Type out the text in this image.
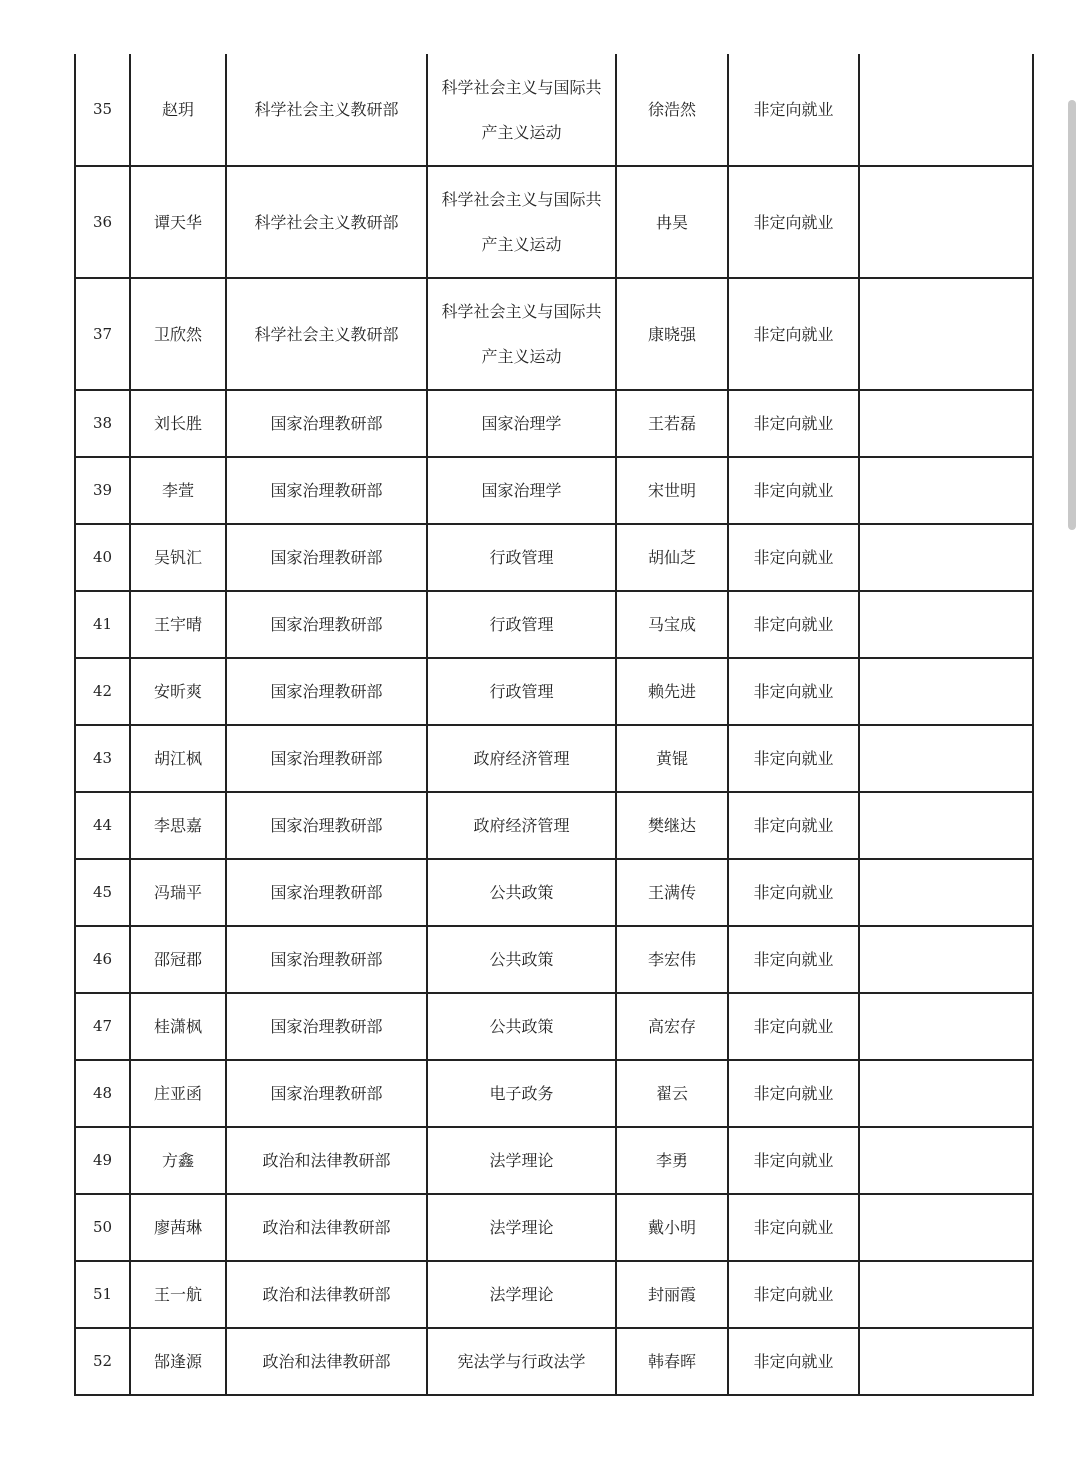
35	赵玥	科学社会主义教研部	科学社会主义与国际共产主义运动	徐浩然	非定向就业	
36	谭天华	科学社会主义教研部	科学社会主义与国际共产主义运动	冉昊	非定向就业	
37	卫欣然	科学社会主义教研部	科学社会主义与国际共产主义运动	康晓强	非定向就业	
38	刘长胜	国家治理教研部	国家治理学	王若磊	非定向就业	
39	李萱	国家治理教研部	国家治理学	宋世明	非定向就业	
40	吴钒汇	国家治理教研部	行政管理	胡仙芝	非定向就业	
41	王宇晴	国家治理教研部	行政管理	马宝成	非定向就业	
42	安昕爽	国家治理教研部	行政管理	赖先进	非定向就业	
43	胡江枫	国家治理教研部	政府经济管理	黄锟	非定向就业	
44	李思嘉	国家治理教研部	政府经济管理	樊继达	非定向就业	
45	冯瑞平	国家治理教研部	公共政策	王满传	非定向就业	
46	邵冠郡	国家治理教研部	公共政策	李宏伟	非定向就业	
47	桂潇枫	国家治理教研部	公共政策	高宏存	非定向就业	
48	庄亚函	国家治理教研部	电子政务	翟云	非定向就业	
49	方鑫	政治和法律教研部	法学理论	李勇	非定向就业	
50	廖茜琳	政治和法律教研部	法学理论	戴小明	非定向就业	
51	王一航	政治和法律教研部	法学理论	封丽霞	非定向就业	
52	郜逢源	政治和法律教研部	宪法学与行政法学	韩春晖	非定向就业	
